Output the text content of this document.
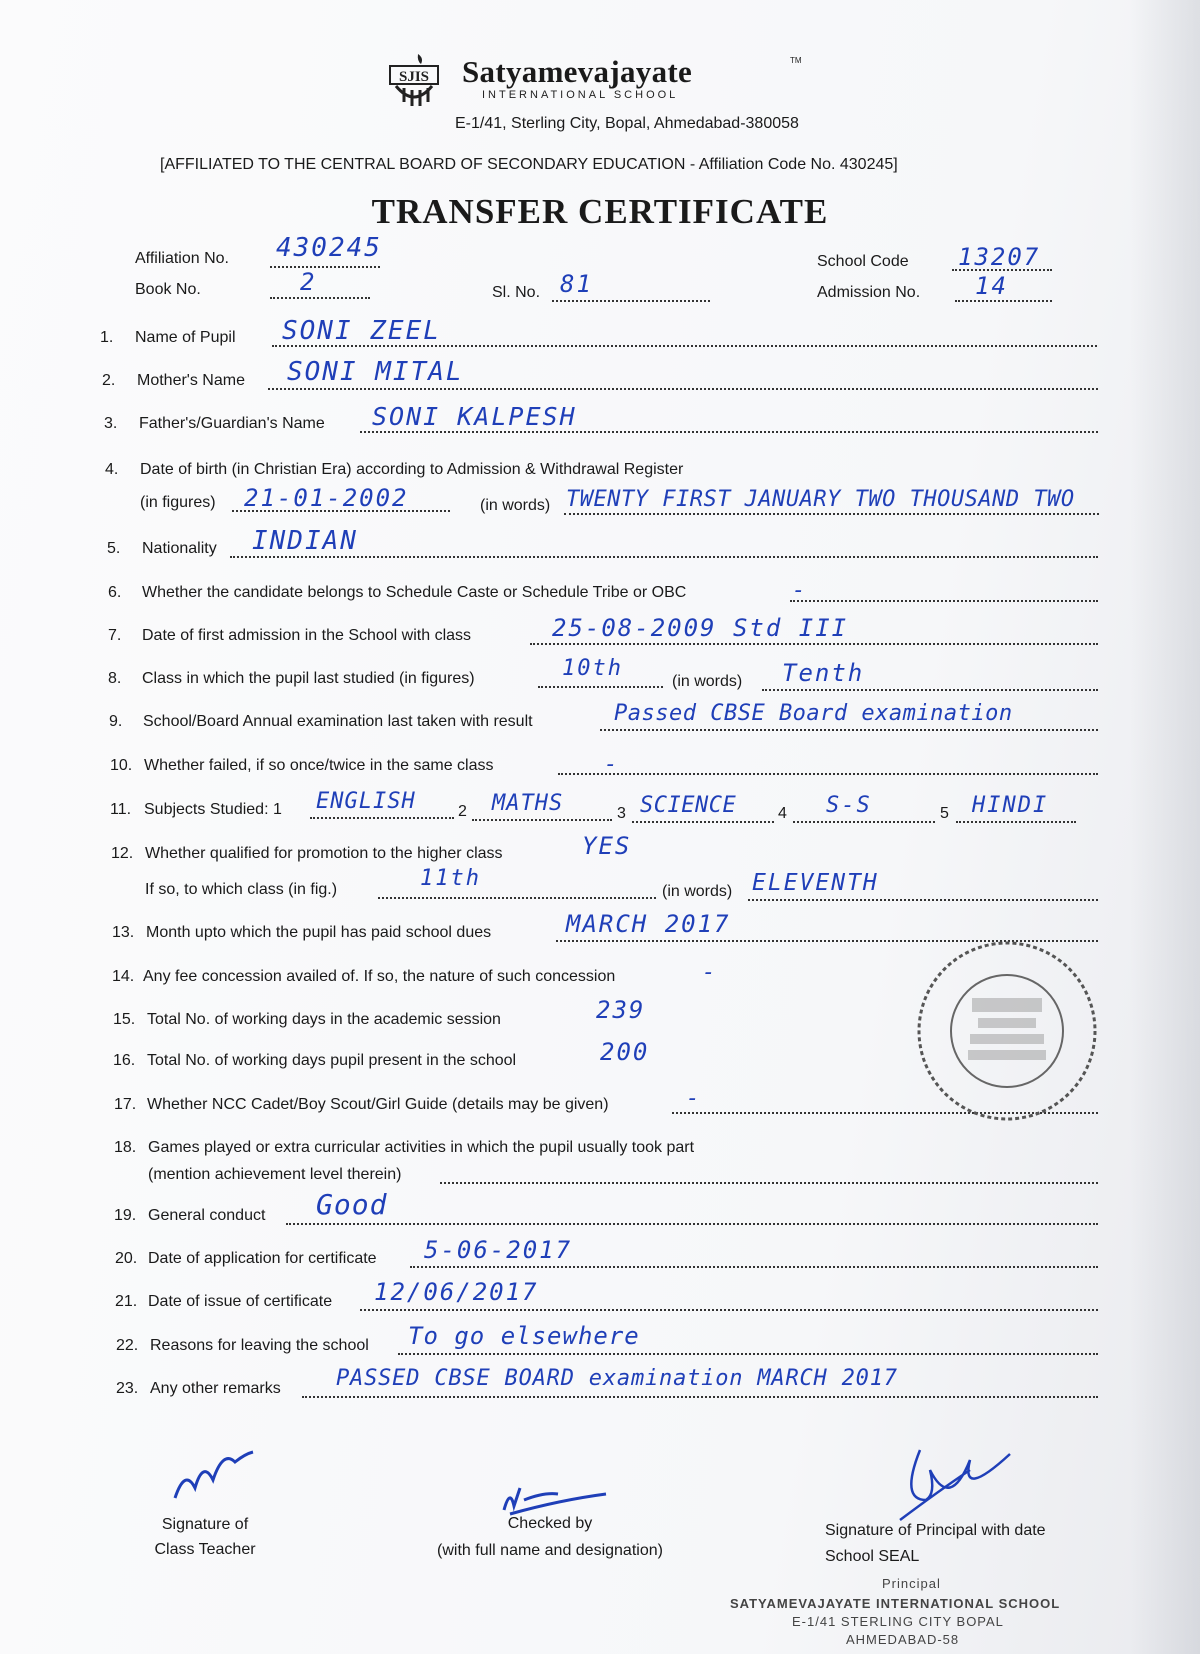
SJIS Satyamevajayate	TM
INTERNATIONAL SCHOOL
E-1/41, Sterling City, Bopal, Ahmedabad-380058
[AFFILIATED TO THE CENTRAL BOARD OF SECONDARY EDUCATION - Affiliation Code No. 430245]
TRANSFER CERTIFICATE
Affiliation No. 430245
Book No.	2	Sl. No. 81
School Code 13207
Admission No. 14
1. Name of Pupil SONI ZEEL
2. Mother's Name SONI MITAL
3. Father's/Guardian's Name SONI KALPESH
4. Date of birth (in Christian Era) according to Admission & Withdrawal Register
(in figures) 21-01-2002	(in words) TWENTY FIRST JANUARY TWO THOUSAND TWO
5. Nationality INDIAN
6. Whether the candidate belongs to Schedule Caste or Schedule Tribe or OBC	-
7. Date of first admission in the School with class	25-08-2009 Std III
8. Class in which the pupil last studied (in figures)	10th
(in words) Tenth
9. School/Board Annual examination last taken with result	Passed CBSE Board examination
10. Whether failed, if so once/twice in the same class	-
11. Subjects Studied: 1 ENGLISH	2 MATHS	3 SCIENCE	4 S-S	5 HINDI
12. Whether qualified for promotion to the higher class	YES
If so, to which class (in fig.)	11th
(in words) ELEVENTH
13. Month upto which the pupil has paid school dues	MARCH 2017
14. Any fee concession availed of. If so, the nature of such concession	-
15. Total No. of working days in the academic session	239
16. Total No. of working days pupil present in the school	200
17. Whether NCC Cadet/Boy Scout/Girl Guide (details may be given)	-
18. Games played or extra curricular activities in which the pupil usually took part
(mention achievement level therein)
19. General conduct Good
20. Date of application for certificate 5-06-2017
21. Date of issue of certificate 12/06/2017
22. Reasons for leaving the school To go elsewhere
23. Any other remarks	PASSED CBSE BOARD examination MARCH 2017
Signature of
Class Teacher
Checked by
(with full name and designation)
Signature of Principal with date
School SEAL
Principal
SATYAMEVAJAYATE INTERNATIONAL SCHOOL
E-1/41 STERLING CITY BOPAL
AHMEDABAD-58
